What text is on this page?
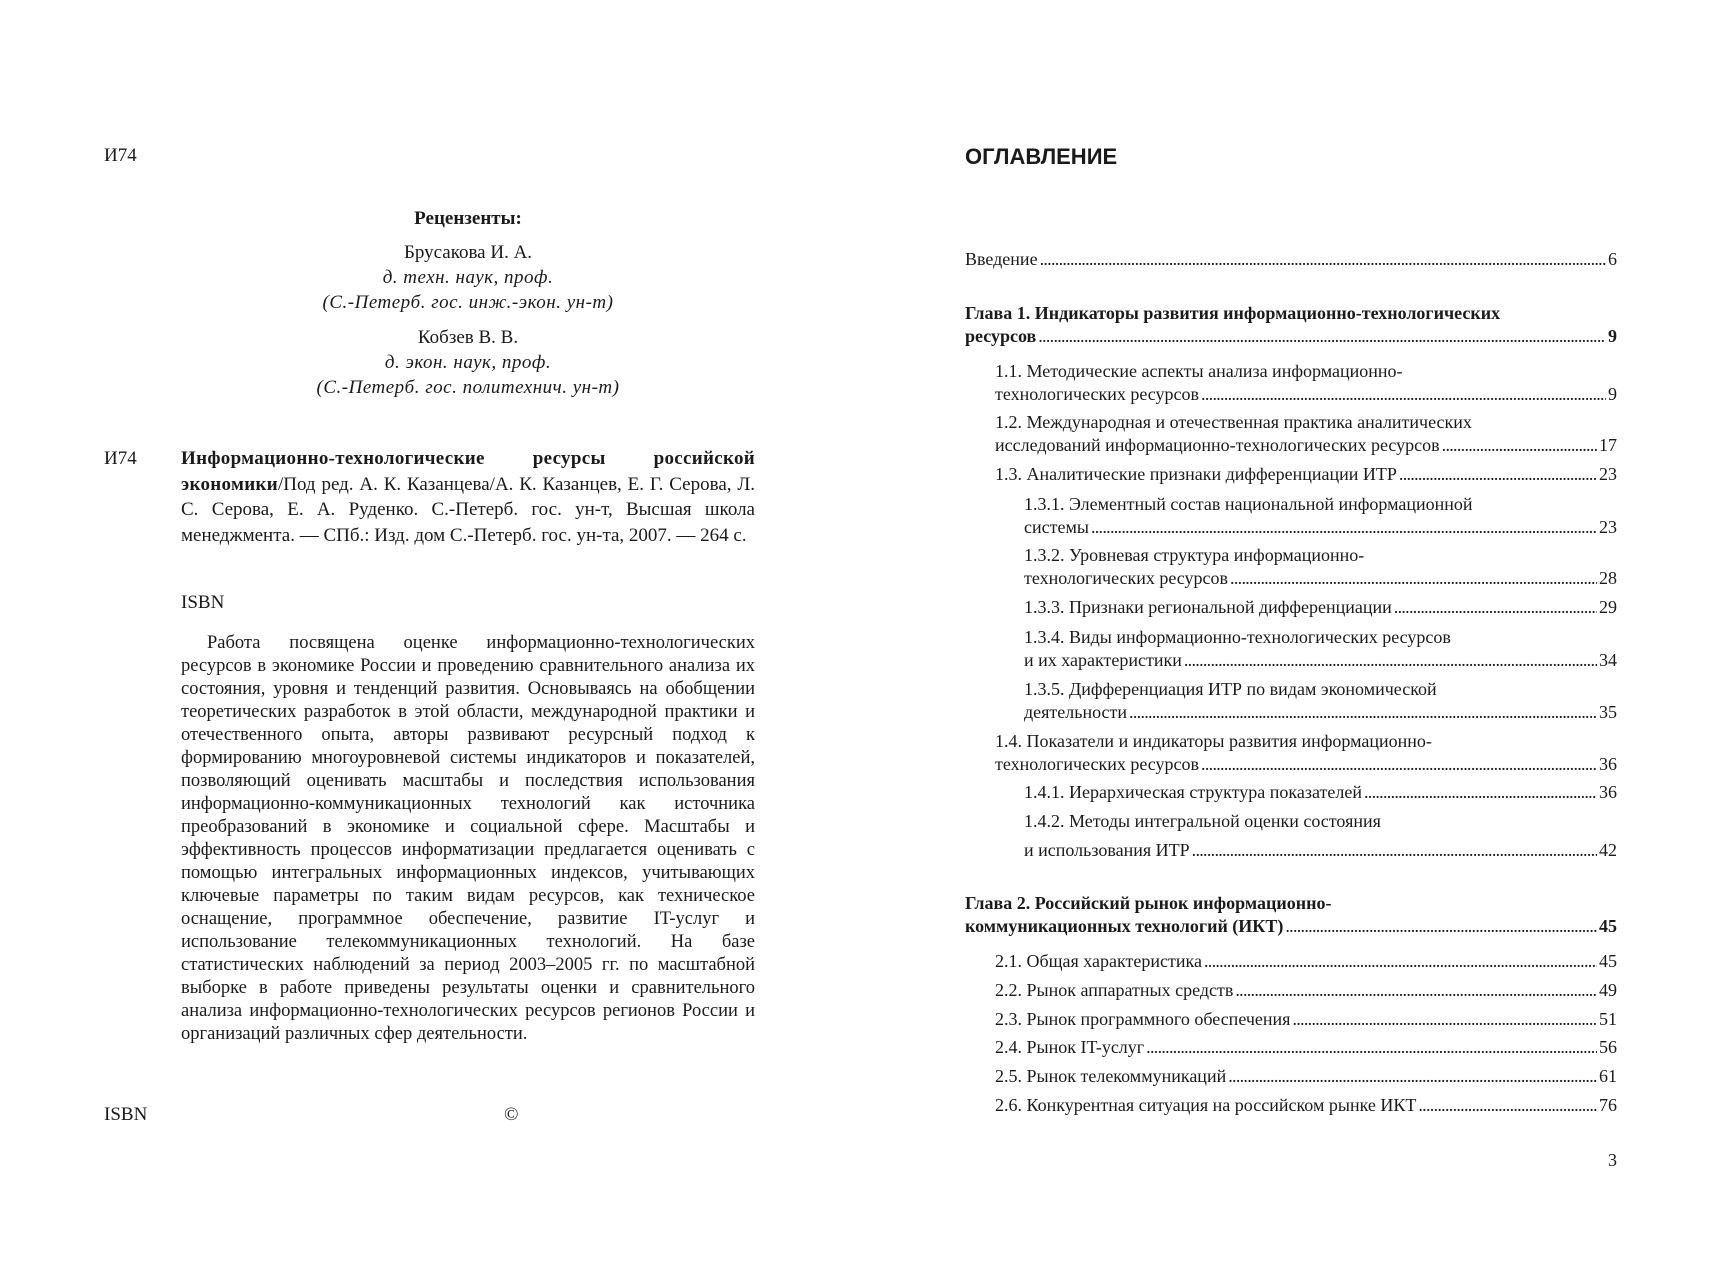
И74
Рецензенты:
Брусакова И. А.
д. техн. наук, проф.
(С.-Петерб. гос. инж.-экон. ун-т)
Кобзев В. В.
д. экон. наук, проф.
(С.-Петерб. гос. политехнич. ун-т)
И74 Информационно-технологические ресурсы российской экономики/Под ред. А. К. Казанцева/А. К. Казанцев, Е. Г. Серова, Л. С. Серова, Е. А. Руденко. С.-Петерб. гос. ун-т, Высшая школа менеджмента. — СПб.: Изд. дом С.-Петерб. гос. ун-та, 2007. — 264 с.
ISBN

Работа посвящена оценке информационно-технологических ресурсов в экономике России и проведению сравнительного анализа их состояния, уровня и тенденций развития. Основываясь на обобщении теоретических разработок в этой области, международной практики и отечественного опыта, авторы развивают ресурсный подход к формированию многоуровневой системы индикаторов и показателей, позволяющий оценивать масштабы и последствия использования информационно-коммуникационных технологий как источника преобразований в экономике и социальной сфере. Масштабы и эффективность процессов информатизации предлагается оценивать с помощью интегральных информационных индексов, учитывающих ключевые параметры по таким видам ресурсов, как техническое оснащение, программное обеспечение, развитие IT-услуг и использование телекоммуникационных технологий. На базе статистических наблюдений за период 2003–2005 гг. по масштабной выборке в работе приведены результаты оценки и сравнительного анализа информационно-технологических ресурсов регионов России и организаций различных сфер деятельности.

ISBN	©
ОГЛАВЛЕНИЕ
Введение . . .	6
Глава 1. Индикаторы развития информационно-технологических
ресурсов . . .	9
1.1. Методические аспекты анализа информационно-
технологических ресурсов . . .	9
1.2. Международная и отечественная практика аналитических
исследований информационно-технологических ресурсов . . .	17
1.3. Аналитические признаки дифференциации ИТР . . .	23
1.3.1. Элементный состав национальной информационной
системы . . .	23
1.3.2. Уровневая структура информационно-
технологических ресурсов . . .	28
1.3.3. Признаки региональной дифференциации . . .	29
1.3.4. Виды информационно-технологических ресурсов
и их характеристики . . .	34
1.3.5. Дифференциация ИТР по видам экономической
деятельности . . .	35
1.4. Показатели и индикаторы развития информационно-
технологических ресурсов . . .	36
1.4.1. Иерархическая структура показателей . . .	36
1.4.2. Методы интегральной оценки состояния
и использования ИТР . . .	42
Глава 2. Российский рынок информационно-
коммуникационных технологий (ИКТ) . . .	45
2.1. Общая характеристика . . .	45
2.2. Рынок аппаратных средств . . .	49
2.3. Рынок программного обеспечения . . .	51
2.4. Рынок IT-услуг . . .	56
2.5. Рынок телекоммуникаций . . .	61
2.6. Конкурентная ситуация на российском рынке ИКТ . . .	76
3
